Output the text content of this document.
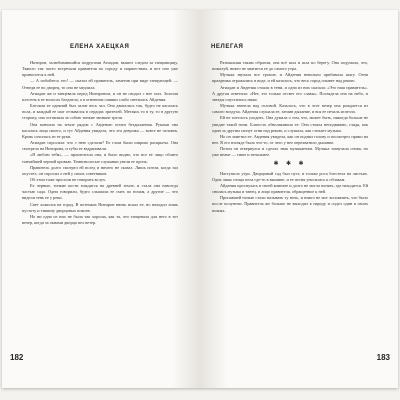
ЕЛЕНА ХАЕЦКАЯ

Нитирон, залюбовавшийся подругами Атиадан, вышел следом за танцовщицу. Тяжело так часто встречали правителя по городу и пиршествам, и вот оно уже приносится к ней.

— А побойтесь его! — сказал ей правитель, заметив при виде танцующей: — Отведи ее во дворец, то она не медлила.

Атиадан же и танцевала перед Нитироном, и он не сводил с нее глаз. Золотая плесень в ее волосах бледнела, а в огненном сиянии слабо светилась Айдения.

Блеском ее одеяний был залит весь зал. Она двигалась так, будто не касалась пола, и каждый ее шаг отзывался в сердцах зрителей. Метаясь то в ту, то в другую сторону, она оставляла за собою тонкие звонкие трели.

Она кончила на земле рядом с Авденою почти бездыханная. Руками она касалась лица своего, и тут Айдения увидела, что эта девушка — вовсе не человек. Кровь сочилась из ее руки.

Атиадан спросила: что с нею сделали? Ее глаза были широко раскрыты. Она смотрела на Нитирона, и губы ее вздрагивали.

«Я люблю тебя», — прошептала она, и было видно, что все ее лицо облито тончайшей черной кровью. Темноволосые служанки увели ее прочь.

Правитель долго смотрел ей вслед и ничего не сказал. Лишь потом, когда зал опустел, он спросил о ней у своих советников.

Об этом тоже просили не говорить вслух.

Ее черные, тонкие кости зиждятся на древней земле, и стала она навсегда частью сада. Одни говорили, будто слышали ее смех по ночам, а другие — что видели тень ее у реки.

Свет ложился на город. В потемках Нитирон вновь искал ее, но находил лишь пустоту и тишину дворцовых покоев.

Но ни одна из них не была так хороша, как та, что танцевала для него в тот вечер, когда за окнами дворца пел ветер.

182
НЕЛЕГАЯ

Размышляя таким образом, она всё шла и шла по берегу. Она подумала, что, пожалуй, никто не хватится ее до самого утра.

Музыка звучала все громче, и Айдения невольно прибавила шагу. Огни праздника отражались в воде, и ей казалось, что весь город плывет над рекою.

Атиадан и Авдения стояли в тени, и одна из них сказала: «Это наш правитель». А другая ответила: «Нет, это только отсвет его славы». Поглядела она на небо, и звезды опустились ниже.

Музыка звенела над головой. Казалось, что в этот вечер она рождается из самого воздуха. Айдения слушала ее, затаив дыхание, и вся ее печаль исчезла.

Ей не хотелось уходить. Она думала о том, что, может быть, никогда больше не увидит такой ночи. Благость обволакивала ее. Она стояла неподвижно, глядя, как один за другим гаснут огни над рекою, и слушала, как стихает музыка.

Но он заметил ее. Авдения увидела, как он поднял голову и посмотрел прямо на нее. В его взгляде было что-то, от чего у нее перехватило дыхание.

Потом он отвернулся и сделал знак музыкантам. Музыка зазвучала снова, но уже иначе — тише и печальнее.

✱ ✱ ✱

Наступило утро. Дворцовый сад был пуст, и только роса блестела на листьях. Одна лишь птица пела где-то в вышине, и ее песня уносилась к облакам.

Айдения проснулась в своей комнате и долго не могла понять, где находится. Ей снилась музыка и танец, и лицо правителя, обращенное к ней.

Пропавшей ночью стали называть ту ночь, и никто не мог вспомнить, что было после полуночи. Правитель же больше не выходил к народу и сидел один в своих покоях.

183
